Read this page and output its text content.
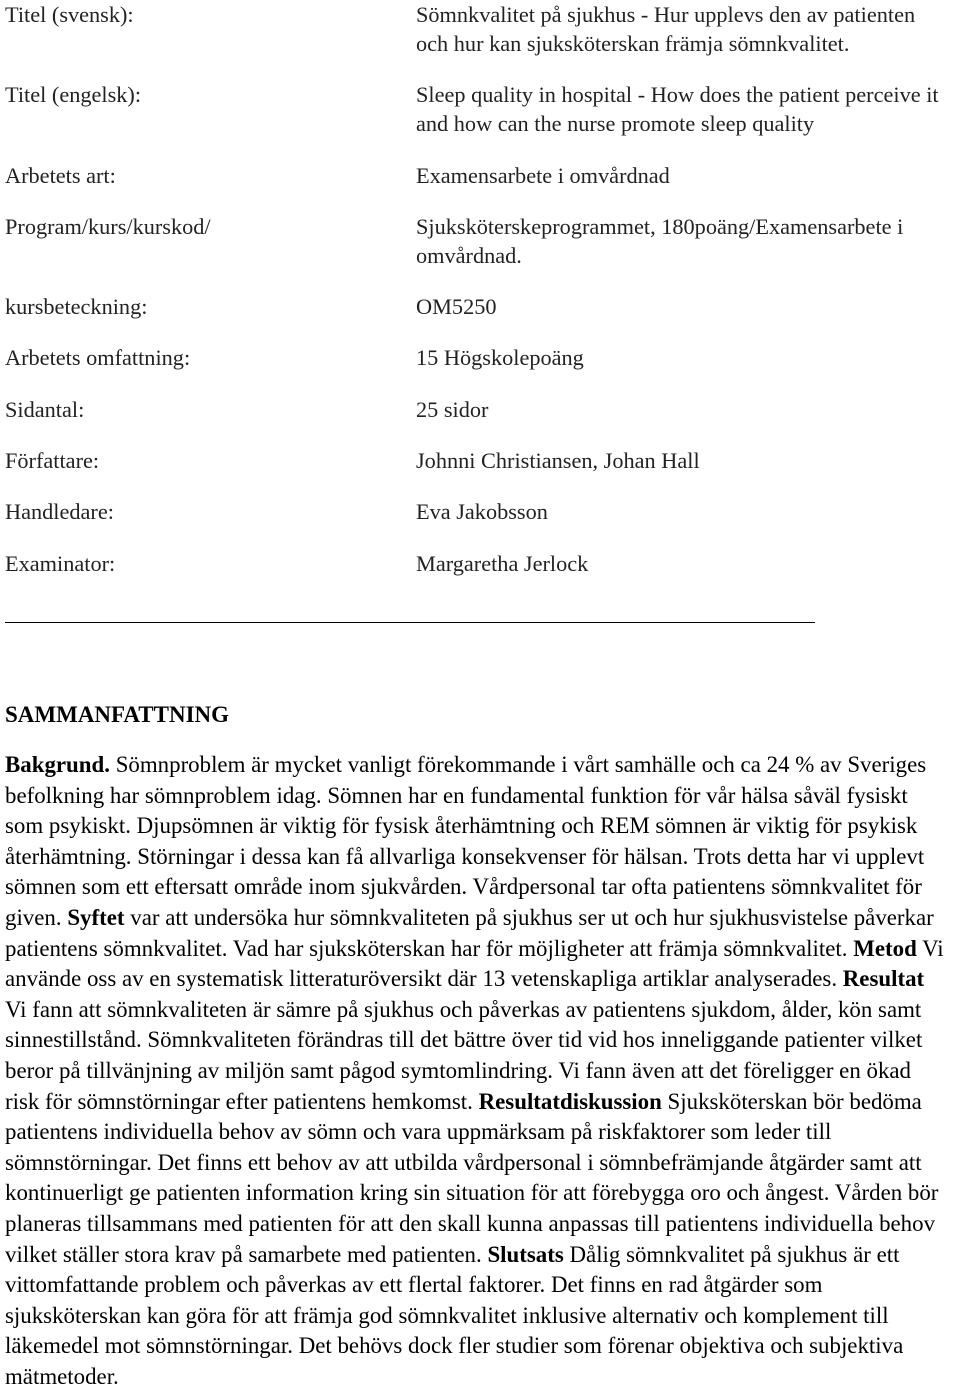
Titel (svensk):	Sömnkvalitet på sjukhus - Hur upplevs den av patienten
och hur kan sjuksköterskan främja sömnkvalitet.
Titel (engelsk):	Sleep quality in hospital - How does the patient perceive it
and how can the nurse promote sleep quality
Arbetets art:	Examensarbete i omvårdnad
Program/kurs/kurskod/	Sjuksköterskeprogrammet, 180poäng/Examensarbete i
omvårdnad.
kursbeteckning:	OM5250
Arbetets omfattning:	15 Högskolepoäng
Sidantal:	25 sidor
Författare:	Johnni Christiansen, Johan Hall
Handledare:	Eva Jakobsson
Examinator:	Margaretha Jerlock
SAMMANFATTNING
Bakgrund. Sömnproblem är mycket vanligt förekommande i vårt samhälle och ca 24 % av Sveriges
befolkning har sömnproblem idag. Sömnen har en fundamental funktion för vår hälsa såväl fysiskt
som psykiskt. Djupsömnen är viktig för fysisk återhämtning och REM sömnen är viktig för psykisk
återhämtning. Störningar i dessa kan få allvarliga konsekvenser för hälsan. Trots detta har vi upplevt
sömnen som ett eftersatt område inom sjukvården. Vårdpersonal tar ofta patientens sömnkvalitet för
given. Syftet var att undersöka hur sömnkvaliteten på sjukhus ser ut och hur sjukhusvistelse påverkar
patientens sömnkvalitet. Vad har sjuksköterskan har för möjligheter att främja sömnkvalitet. Metod Vi
använde oss av en systematisk litteraturöversikt där 13 vetenskapliga artiklar analyserades. Resultat
Vi fann att sömnkvaliteten är sämre på sjukhus och påverkas av patientens sjukdom, ålder, kön samt
sinnestillstånd. Sömnkvaliteten förändras till det bättre över tid vid hos inneliggande patienter vilket
beror på tillvänjning av miljön samt pågod symtomlindring. Vi fann även att det föreligger en ökad
risk för sömnstörningar efter patientens hemkomst. Resultatdiskussion Sjuksköterskan bör bedöma
patientens individuella behov av sömn och vara uppmärksam på riskfaktorer som leder till
sömnstörningar. Det finns ett behov av att utbilda vårdpersonal i sömnbefrämjande åtgärder samt att
kontinuerligt ge patienten information kring sin situation för att förebygga oro och ångest. Vården bör
planeras tillsammans med patienten för att den skall kunna anpassas till patientens individuella behov
vilket ställer stora krav på samarbete med patienten. Slutsats Dålig sömnkvalitet på sjukhus är ett
vittomfattande problem och påverkas av ett flertal faktorer. Det finns en rad åtgärder som
sjuksköterskan kan göra för att främja god sömnkvalitet inklusive alternativ och komplement till
läkemedel mot sömnstörningar. Det behövs dock fler studier som förenar objektiva och subjektiva
mätmetoder.
